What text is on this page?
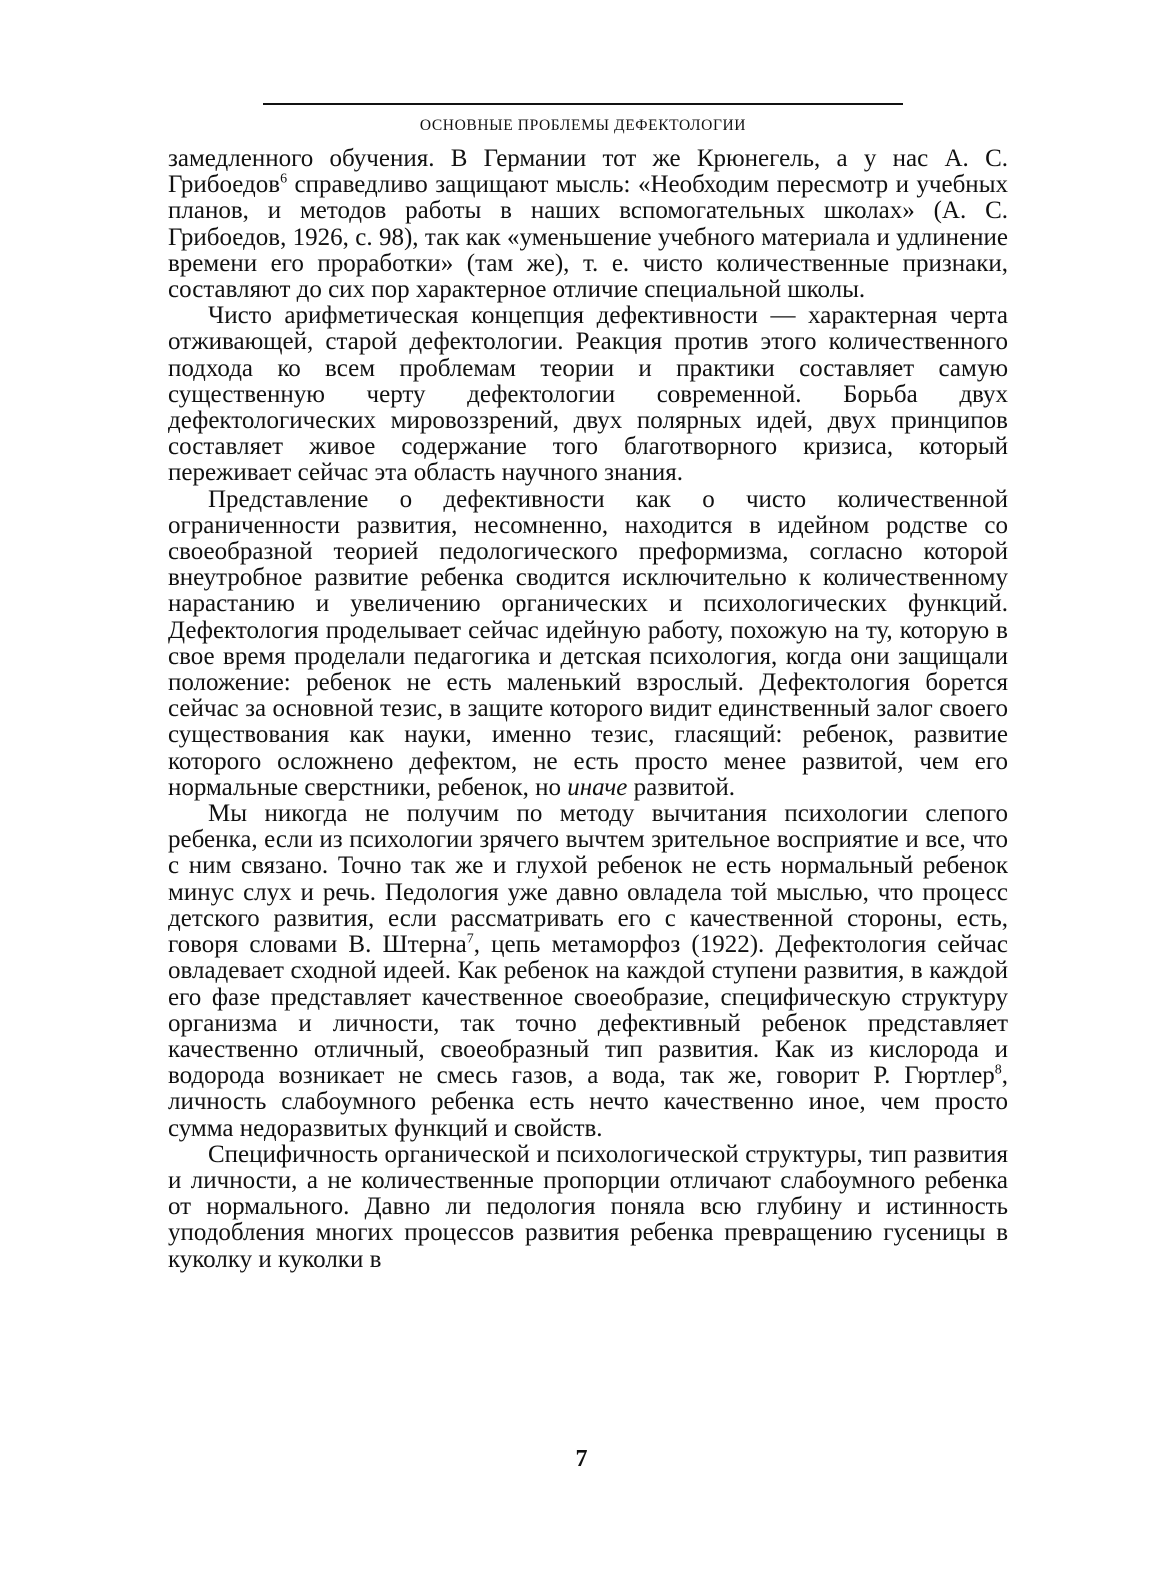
ОСНОВНЫЕ ПРОБЛЕМЫ ДЕФЕКТОЛОГИИ

замедленного обучения. В Германии тот же Крюнегель, а у нас А. С. Грибоедов$^6$ справедливо защищают мысль: «Необходим пересмотр и учебных планов, и методов работы в наших вспомогательных школах» (А. С. Грибоедов, 1926, с. 98), так как «уменьшение учебного материала и удлинение времени его проработки» (там же), т. е. чисто количественные признаки, составляют до сих пор характерное отличие специальной школы.

Чисто арифметическая концепция дефективности — характерная черта отживающей, старой дефектологии. Реакция против этого количественного подхода ко всем проблемам теории и практики составляет самую существенную черту дефектологии современной. Борьба двух дефектологических мировоззрений, двух полярных идей, двух принципов составляет живое содержание того благотворного кризиса, который переживает сейчас эта область научного знания.

Представление о дефективности как о чисто количественной ограниченности развития, несомненно, находится в идейном родстве со своеобразной теорией педологического преформизма, согласно которой внеутробное развитие ребенка сводится исключительно к количественному нарастанию и увеличению органических и психологических функций. Дефектология проделывает сейчас идейную работу, похожую на ту, которую в свое время проделали педагогика и детская психология, когда они защищали положение: ребенок не есть маленький взрослый. Дефектология борется сейчас за основной тезис, в защите которого видит единственный залог своего существования как науки, именно тезис, гласящий: ребенок, развитие которого осложнено дефектом, не есть просто менее развитой, чем его нормальные сверстники, ребенок, но иначе развитой.

Мы никогда не получим по методу вычитания психологии слепого ребенка, если из психологии зрячего вычтем зрительное восприятие и все, что с ним связано. Точно так же и глухой ребенок не есть нормальный ребенок минус слух и речь. Педология уже давно овладела той мыслью, что процесс детского развития, если рассматривать его с качественной стороны, есть, говоря словами В. Штерна$^7$, цепь метаморфоз (1922). Дефектология сейчас овладевает сходной идеей. Как ребенок на каждой ступени развития, в каждой его фазе представляет качественное своеобразие, специфическую структуру организма и личности, так точно дефективный ребенок представляет качественно отличный, своеобразный тип развития. Как из кислорода и водорода возникает не смесь газов, а вода, так же, говорит Р. Гюртлер$^8$, личность слабоумного ребенка есть нечто качественно иное, чем просто сумма недоразвитых функций и свойств.

Специфичность органической и психологической структуры, тип развития и личности, а не количественные пропорции отличают слабоумного ребенка от нормального. Давно ли педология поняла всю глубину и истинность уподобления многих процессов развития ребенка превращению гусеницы в куколку и куколки в

7
